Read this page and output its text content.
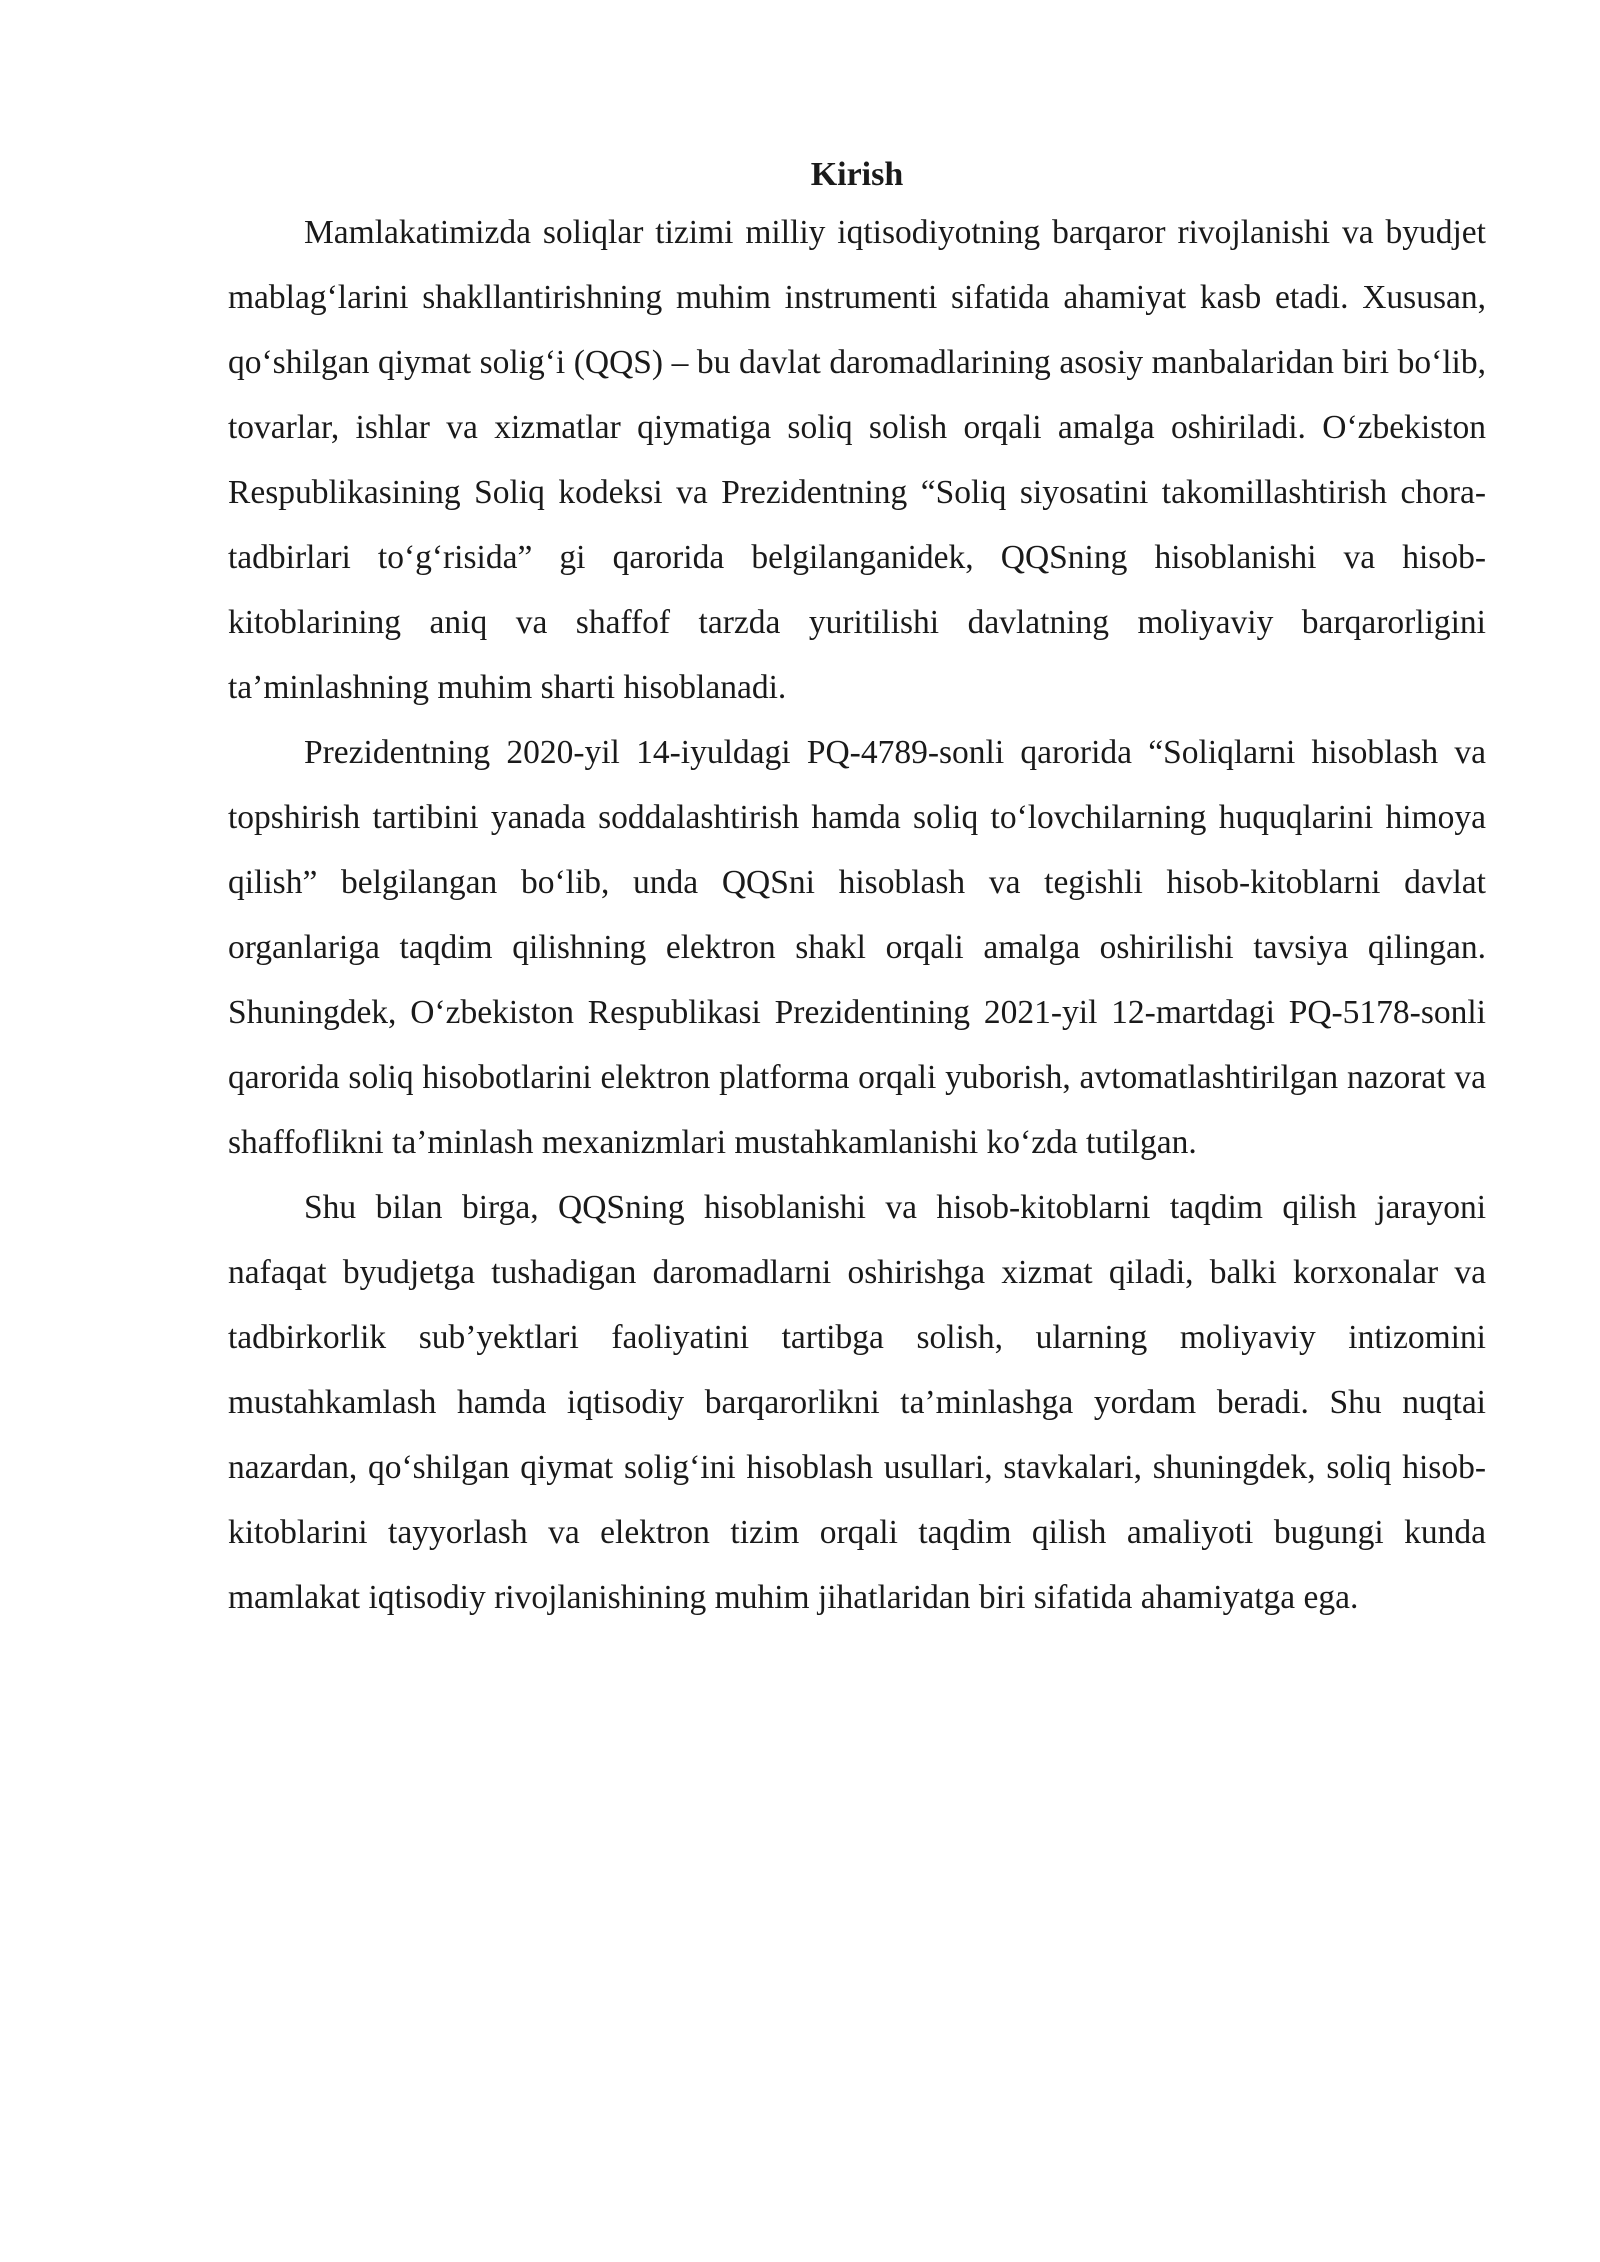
Kirish

Mamlakatimizda soliqlar tizimi milliy iqtisodiyotning barqaror rivojlanishi va byudjet mablag‘larini shakllantirishning muhim instrumenti sifatida ahamiyat kasb etadi. Xususan, qo‘shilgan qiymat solig‘i (QQS) – bu davlat daromadlarining asosiy manbalaridan biri bo‘lib, tovarlar, ishlar va xizmatlar qiymatiga soliq solish orqali amalga oshiriladi. O‘zbekiston Respublikasining Soliq kodeksi va Prezidentning “Soliq siyosatini takomillashtirish chora-tadbirlari to‘g‘risida” gi qarorida belgilanganidek, QQSning hisoblanishi va hisob-kitoblarining aniq va shaffof tarzda yuritilishi davlatning moliyaviy barqarorligini ta’minlashning muhim sharti hisoblanadi.

Prezidentning 2020-yil 14-iyuldagi PQ-4789-sonli qarorida “Soliqlarni hisoblash va topshirish tartibini yanada soddalashtirish hamda soliq to‘lovchilarning huquqlarini himoya qilish” belgilangan bo‘lib, unda QQSni hisoblash va tegishli hisob-kitoblarni davlat organlariga taqdim qilishning elektron shakl orqali amalga oshirilishi tavsiya qilingan. Shuningdek, O‘zbekiston Respublikasi Prezidentining 2021-yil 12-martdagi PQ-5178-sonli qarorida soliq hisobotlarini elektron platforma orqali yuborish, avtomatlashtirilgan nazorat va shaffoflikni ta’minlash mexanizmlari mustahkamlanishi ko‘zda tutilgan.

Shu bilan birga, QQSning hisoblanishi va hisob-kitoblarni taqdim qilish jarayoni nafaqat byudjetga tushadigan daromadlarni oshirishga xizmat qiladi, balki korxonalar va tadbirkorlik sub’yektlari faoliyatini tartibga solish, ularning moliyaviy intizomini mustahkamlash hamda iqtisodiy barqarorlikni ta’minlashga yordam beradi. Shu nuqtai nazardan, qo‘shilgan qiymat solig‘ini hisoblash usullari, stavkalari, shuningdek, soliq hisob-kitoblarini tayyorlash va elektron tizim orqali taqdim qilish amaliyoti bugungi kunda mamlakat iqtisodiy rivojlanishining muhim jihatlaridan biri sifatida ahamiyatga ega.
